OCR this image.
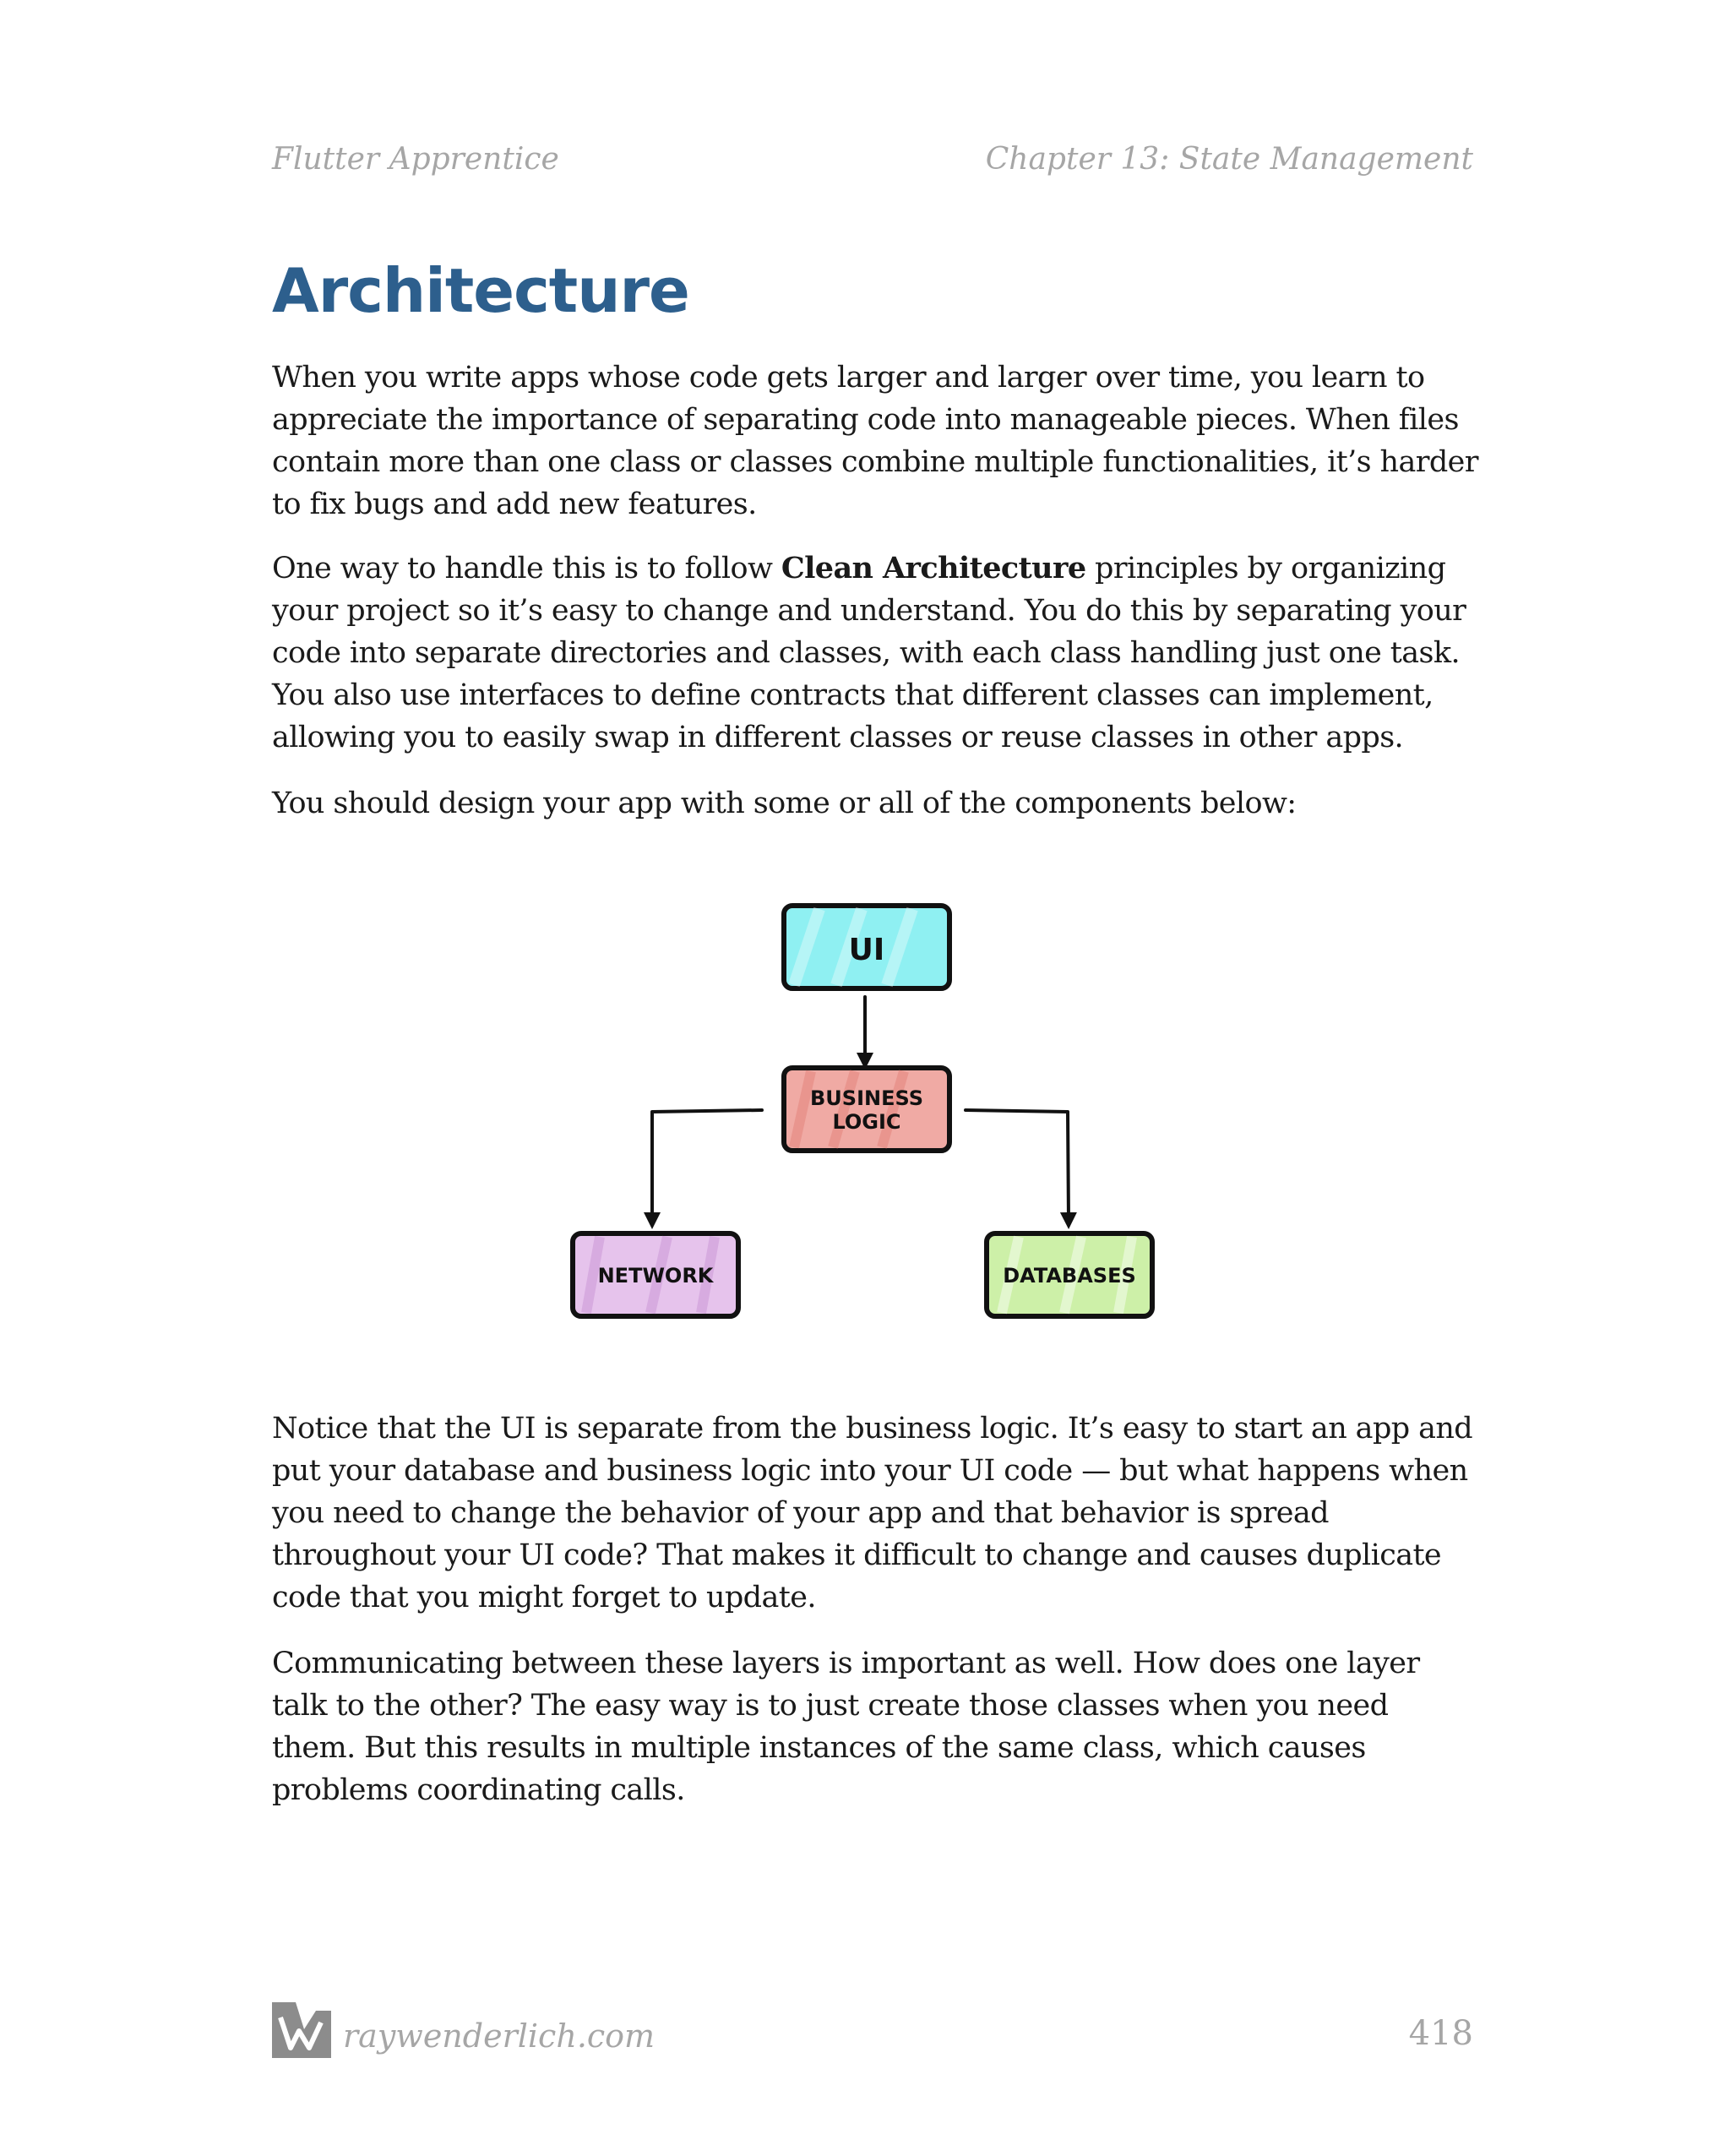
Flutter Apprentice	Chapter 13: State Management
Architecture

When you write apps whose code gets larger and larger over time, you learn to appreciate the importance of separating code into manageable pieces. When files contain more than one class or classes combine multiple functionalities, it’s harder to fix bugs and add new features.

One way to handle this is to follow Clean Architecture principles by organizing your project so it’s easy to change and understand. You do this by separating your code into separate directories and classes, with each class handling just one task. You also use interfaces to define contracts that different classes can implement, allowing you to easily swap in different classes or reuse classes in other apps.

You should design your app with some or all of the components below:

UI
BUSINESS
LOGIC
NETWORK	DATABASES

Notice that the UI is separate from the business logic. It’s easy to start an app and put your database and business logic into your UI code — but what happens when you need to change the behavior of your app and that behavior is spread throughout your UI code? That makes it difficult to change and causes duplicate code that you might forget to update.

Communicating between these layers is important as well. How does one layer talk to the other? The easy way is to just create those classes when you need them. But this results in multiple instances of the same class, which causes problems coordinating calls.

raywenderlich.com	418
